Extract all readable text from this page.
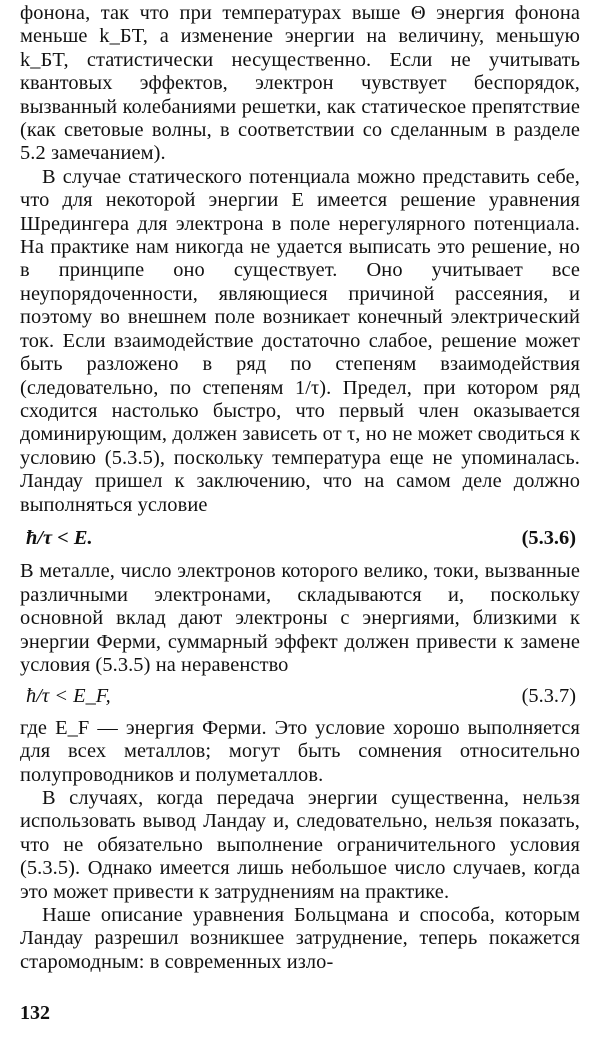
фонона, так что при температурах выше Θ энергия фонона меньше k_БT, а изменение энергии на величину, меньшую k_БT, статистически несущественно. Если не учитывать квантовых эффектов, электрон чувствует беспорядок, вызванный колебаниями решетки, как статическое препятствие (как световые волны, в соответствии со сделанным в разделе 5.2 замечанием).

В случае статического потенциала можно представить себе, что для некоторой энергии E имеется решение уравнения Шредингера для электрона в поле нерегулярного потенциала. На практике нам никогда не удается выписать это решение, но в принципе оно существует. Оно учитывает все неупорядоченности, являющиеся причиной рассеяния, и поэтому во внешнем поле возникает конечный электрический ток. Если взаимодействие достаточно слабое, решение может быть разложено в ряд по степеням взаимодействия (следовательно, по степеням 1/τ). Предел, при котором ряд сходится настолько быстро, что первый член оказывается доминирующим, должен зависеть от τ, но не может сводиться к условию (5.3.5), поскольку температура еще не упоминалась. Ландау пришел к заключению, что на самом деле должно выполняться условие

ħ/τ < E.	(5.3.6)

В металле, число электронов которого велико, токи, вызванные различными электронами, складываются и, поскольку основной вклад дают электроны с энергиями, близкими к энергии Ферми, суммарный эффект должен привести к замене условия (5.3.5) на неравенство

ħ/τ < E_F,	(5.3.7)

где E_F — энергия Ферми. Это условие хорошо выполняется для всех металлов; могут быть сомнения относительно полупроводников и полуметаллов.

В случаях, когда передача энергии существенна, нельзя использовать вывод Ландау и, следовательно, нельзя показать, что не обязательно выполнение ограничительного условия (5.3.5). Однако имеется лишь небольшое число случаев, когда это может привести к затруднениям на практике.

Наше описание уравнения Больцмана и способа, которым Ландау разрешил возникшее затруднение, теперь покажется старомодным: в современных изло-

132
